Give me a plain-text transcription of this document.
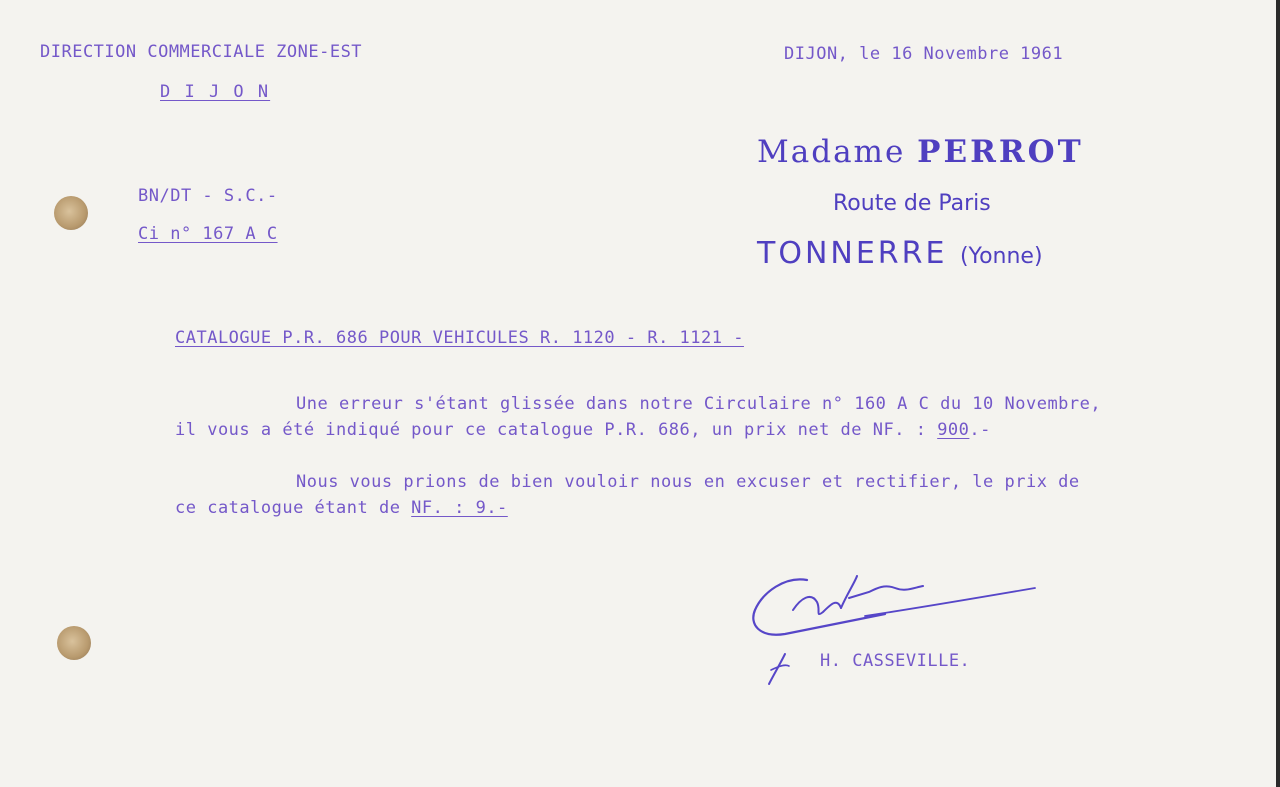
DIRECTION COMMERCIALE ZONE-EST
D I J O N
DIJON, le 16 Novembre 1961
BN/DT - S.C.-
Ci n° 167 A C
Madame PERROT
Route de Paris
TONNERRE (Yonne)
CATALOGUE P.R. 686 POUR VEHICULES R. 1120 - R. 1121 -
Une erreur s'étant glissée dans notre Circulaire n° 160 A C du 10 Novembre,
il vous a été indiqué pour ce catalogue P.R. 686, un prix net de NF. : 900.-
Nous vous prions de bien vouloir nous en excuser et rectifier, le prix de
ce catalogue étant de NF. : 9.-
H. CASSEVILLE.
